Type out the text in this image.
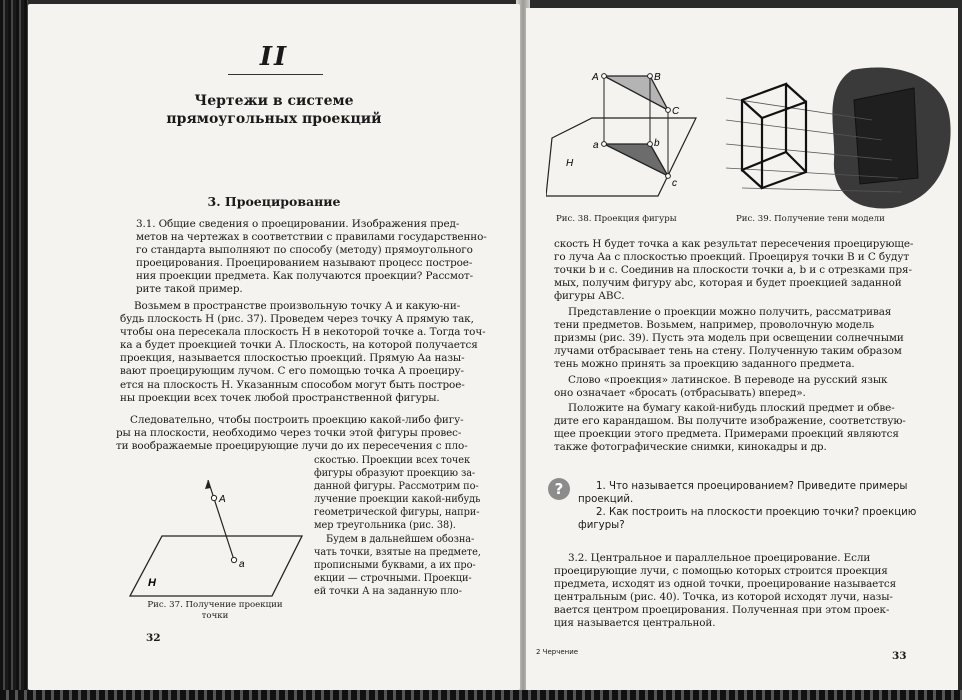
II
Чертежи в системе
прямоугольных проекций
3. Проецирование
3.1. Общие сведения о проецировании. Изображения пред-
метов на чертежах в соответствии с правилами государственно-
го стандарта выполняют по способу (методу) прямоугольного
проецирования. Проецированием называют процесс построе-
ния проекции предмета. Как получаются проекции? Рассмот-
рите такой пример.
Возьмем в пространстве произвольную точку А и какую-ни-
будь плоскость Н (рис. 37). Проведем через точку А прямую так,
чтобы она пересекала плоскость Н в некоторой точке a. Тогда точ-
ка a будет проекцией точки А. Плоскость, на которой получается
проекция, называется плоскостью проекций. Прямую Аа назы-
вают проецирующим лучом. С его помощью точка А проециру-
ется на плоскость Н. Указанным способом могут быть построе-
ны проекции всех точек любой пространственной фигуры.
Следовательно, чтобы построить проекцию какой-либо фигу-
ры на плоскости, необходимо через точки этой фигуры провес-
ти воображаемые проецирующие лучи до их пересечения с пло-
скостью. Проекции всех точек
фигуры образуют проекцию за-
данной фигуры. Рассмотрим по-
лучение проекции какой-нибудь
геометрической фигуры, напри-
мер треугольника (рис. 38).
Будем в дальнейшем обозна-
чать точки, взятые на предмете,
прописными буквами, а их про-
екции — строчными. Проекци-
ей точки А на заданную пло-
A
a
H
Рис. 37. Получение проекции
точки
32
A	B
C
a	b
c
H
Рис. 38. Проекция фигуры	Рис. 39. Получение тени модели
скость Н будет точка a как результат пересечения проецирующе-
го луча Аа с плоскостью проекций. Проецируя точки В и С будут
точки b и c. Соединив на плоскости точки a, b и c отрезками пря-
мых, получим фигуру abc, которая и будет проекцией заданной
фигуры АВС.
Представление о проекции можно получить, рассматривая
тени предметов. Возьмем, например, проволочную модель
призмы (рис. 39). Пусть эта модель при освещении солнечными
лучами отбрасывает тень на стену. Полученную таким образом
тень можно принять за проекцию заданного предмета.
Слово «проекция» латинское. В переводе на русский язык
оно означает «бросать (отбрасывать) вперед».
Положите на бумагу какой-нибудь плоский предмет и обве-
дите его карандашом. Вы получите изображение, соответствую-
щее проекции этого предмета. Примерами проекций являются
также фотографические снимки, кинокадры и др.
?	1. Что называется проецированием? Приведите примеры
проекций.
2. Как построить на плоскости проекцию точки? проекцию
фигуры?
3.2. Центральное и параллельное проецирование. Если
проецирующие лучи, с помощью которых строится проекция
предмета, исходят из одной точки, проецирование называется
центральным (рис. 40). Точка, из которой исходят лучи, назы-
вается центром проецирования. Полученная при этом проек-
ция называется центральной.
2 Черчение	33
